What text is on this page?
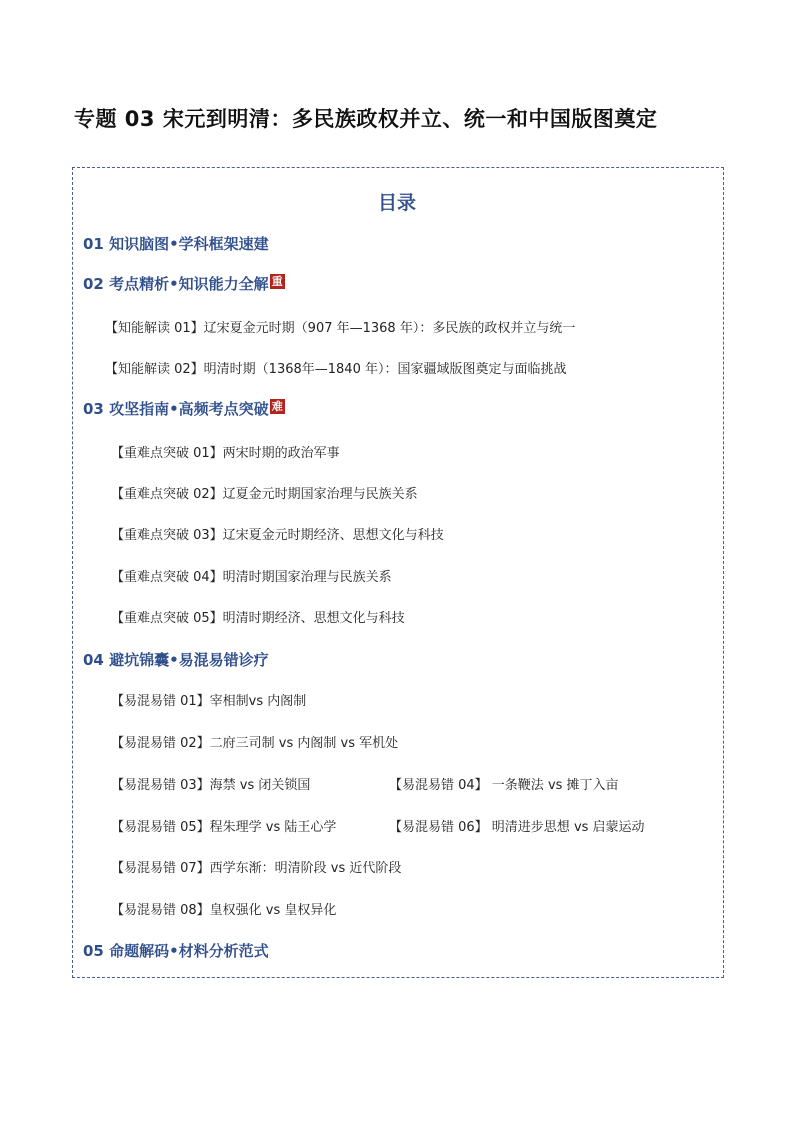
专题 03 宋元到明清：多民族政权并立、统一和中国版图奠定
目录
01 知识脑图•学科框架速建
02 考点精析•知识能力全解 重
【知能解读 01】辽宋夏金元时期（907 年—1368 年）：多民族的政权并立与统一
【知能解读 02】明清时期（1368年—1840 年）：国家疆域版图奠定与面临挑战
03 攻坚指南•高频考点突破 难
【重难点突破 01】两宋时期的政治军事
【重难点突破 02】辽夏金元时期国家治理与民族关系
【重难点突破 03】辽宋夏金元时期经济、思想文化与科技
【重难点突破 04】明清时期国家治理与民族关系
【重难点突破 05】明清时期经济、思想文化与科技
04 避坑锦囊•易混易错诊疗
【易混易错 01】宰相制vs 内阁制
【易混易错 02】二府三司制 vs 内阁制 vs 军机处
【易混易错 03】海禁 vs 闭关锁国	【易混易错 04】 一条鞭法 vs 摊丁入亩
【易混易错 05】程朱理学 vs 陆王心学	【易混易错 06】 明清进步思想 vs 启蒙运动
【易混易错 07】西学东渐：明清阶段 vs 近代阶段
【易混易错 08】皇权强化 vs 皇权异化
05 命题解码•材料分析范式
